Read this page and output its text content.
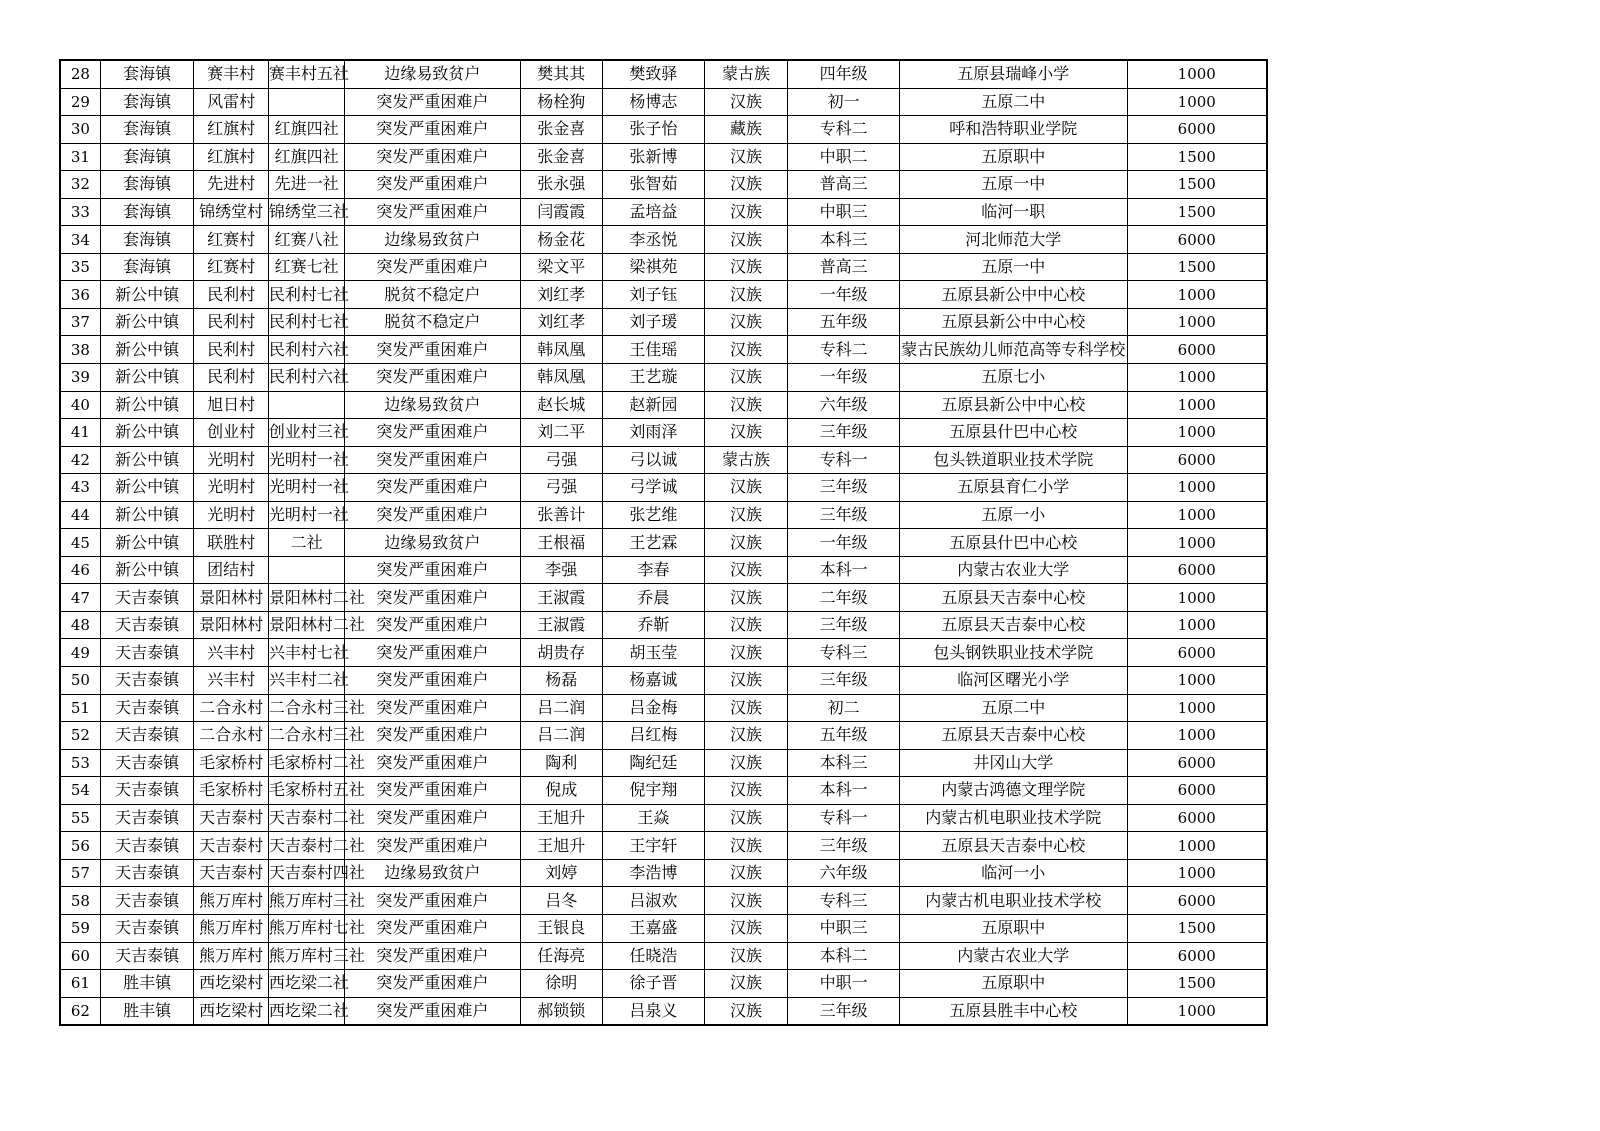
28	套海镇	赛丰村	赛丰村五社	边缘易致贫户	樊其其	樊致驿	蒙古族	四年级	五原县瑞峰小学	1000
29	套海镇	风雷村		突发严重困难户	杨栓狗	杨博志	汉族	初一	五原二中	1000
30	套海镇	红旗村	红旗四社	突发严重困难户	张金喜	张子怡	藏族	专科二	呼和浩特职业学院	6000
31	套海镇	红旗村	红旗四社	突发严重困难户	张金喜	张新博	汉族	中职二	五原职中	1500
32	套海镇	先进村	先进一社	突发严重困难户	张永强	张智茹	汉族	普高三	五原一中	1500
33	套海镇	锦绣堂村	锦绣堂三社	突发严重困难户	闫霞霞	孟培益	汉族	中职三	临河一职	1500
34	套海镇	红赛村	红赛八社	边缘易致贫户	杨金花	李丞悦	汉族	本科三	河北师范大学	6000
35	套海镇	红赛村	红赛七社	突发严重困难户	梁文平	梁祺苑	汉族	普高三	五原一中	1500
36	新公中镇	民利村	民利村七社	脱贫不稳定户	刘红孝	刘子钰	汉族	一年级	五原县新公中中心校	1000
37	新公中镇	民利村	民利村七社	脱贫不稳定户	刘红孝	刘子瑗	汉族	五年级	五原县新公中中心校	1000
38	新公中镇	民利村	民利村六社	突发严重困难户	韩凤凰	王佳瑶	汉族	专科二	蒙古民族幼儿师范高等专科学校	6000
39	新公中镇	民利村	民利村六社	突发严重困难户	韩凤凰	王艺璇	汉族	一年级	五原七小	1000
40	新公中镇	旭日村		边缘易致贫户	赵长城	赵新园	汉族	六年级	五原县新公中中心校	1000
41	新公中镇	创业村	创业村三社	突发严重困难户	刘二平	刘雨泽	汉族	三年级	五原县什巴中心校	1000
42	新公中镇	光明村	光明村一社	突发严重困难户	弓强	弓以诚	蒙古族	专科一	包头铁道职业技术学院	6000
43	新公中镇	光明村	光明村一社	突发严重困难户	弓强	弓学诚	汉族	三年级	五原县育仁小学	1000
44	新公中镇	光明村	光明村一社	突发严重困难户	张善计	张艺维	汉族	三年级	五原一小	1000
45	新公中镇	联胜村	二社	边缘易致贫户	王根福	王艺霖	汉族	一年级	五原县什巴中心校	1000
46	新公中镇	团结村		突发严重困难户	李强	李春	汉族	本科一	内蒙古农业大学	6000
47	天吉泰镇	景阳林村	景阳林村二社	突发严重困难户	王淑霞	乔晨	汉族	二年级	五原县天吉泰中心校	1000
48	天吉泰镇	景阳林村	景阳林村二社	突发严重困难户	王淑霞	乔靳	汉族	三年级	五原县天吉泰中心校	1000
49	天吉泰镇	兴丰村	兴丰村七社	突发严重困难户	胡贵存	胡玉莹	汉族	专科三	包头钢铁职业技术学院	6000
50	天吉泰镇	兴丰村	兴丰村二社	突发严重困难户	杨磊	杨嘉诚	汉族	三年级	临河区曙光小学	1000
51	天吉泰镇	二合永村	二合永村三社	突发严重困难户	吕二润	吕金梅	汉族	初二	五原二中	1000
52	天吉泰镇	二合永村	二合永村三社	突发严重困难户	吕二润	吕红梅	汉族	五年级	五原县天吉泰中心校	1000
53	天吉泰镇	毛家桥村	毛家桥村二社	突发严重困难户	陶利	陶纪廷	汉族	本科三	井冈山大学	6000
54	天吉泰镇	毛家桥村	毛家桥村五社	突发严重困难户	倪成	倪宇翔	汉族	本科一	内蒙古鸿德文理学院	6000
55	天吉泰镇	天吉泰村	天吉泰村二社	突发严重困难户	王旭升	王焱	汉族	专科一	内蒙古机电职业技术学院	6000
56	天吉泰镇	天吉泰村	天吉泰村二社	突发严重困难户	王旭升	王宇轩	汉族	三年级	五原县天吉泰中心校	1000
57	天吉泰镇	天吉泰村	天吉泰村四社	边缘易致贫户	刘婷	李浩博	汉族	六年级	临河一小	1000
58	天吉泰镇	熊万库村	熊万库村三社	突发严重困难户	吕冬	吕淑欢	汉族	专科三	内蒙古机电职业技术学校	6000
59	天吉泰镇	熊万库村	熊万库村七社	突发严重困难户	王银良	王嘉盛	汉族	中职三	五原职中	1500
60	天吉泰镇	熊万库村	熊万库村三社	突发严重困难户	任海亮	任晓浩	汉族	本科二	内蒙古农业大学	6000
61	胜丰镇	西圪梁村	西圪梁二社	突发严重困难户	徐明	徐子晋	汉族	中职一	五原职中	1500
62	胜丰镇	西圪梁村	西圪梁二社	突发严重困难户	郝锁锁	吕泉义	汉族	三年级	五原县胜丰中心校	1000
